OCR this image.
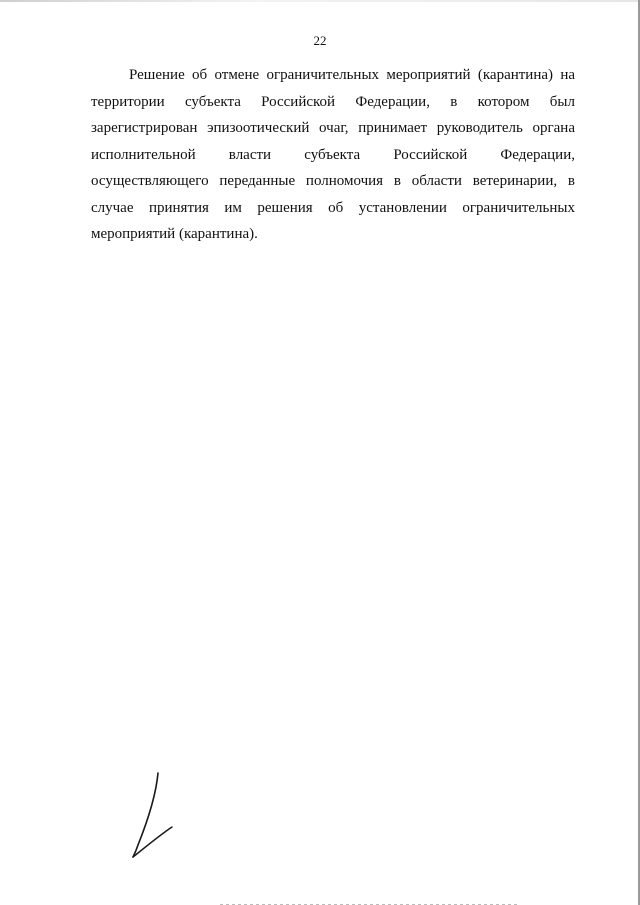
22

Решение об отмене ограничительных мероприятий (карантина) на территории субъекта Российской Федерации, в котором был зарегистрирован эпизоотический очаг, принимает руководитель органа исполнительной власти субъекта Российской Федерации, осуществляющего переданные полномочия в области ветеринарии, в случае принятия им решения об установлении ограничительных мероприятий (карантина).
